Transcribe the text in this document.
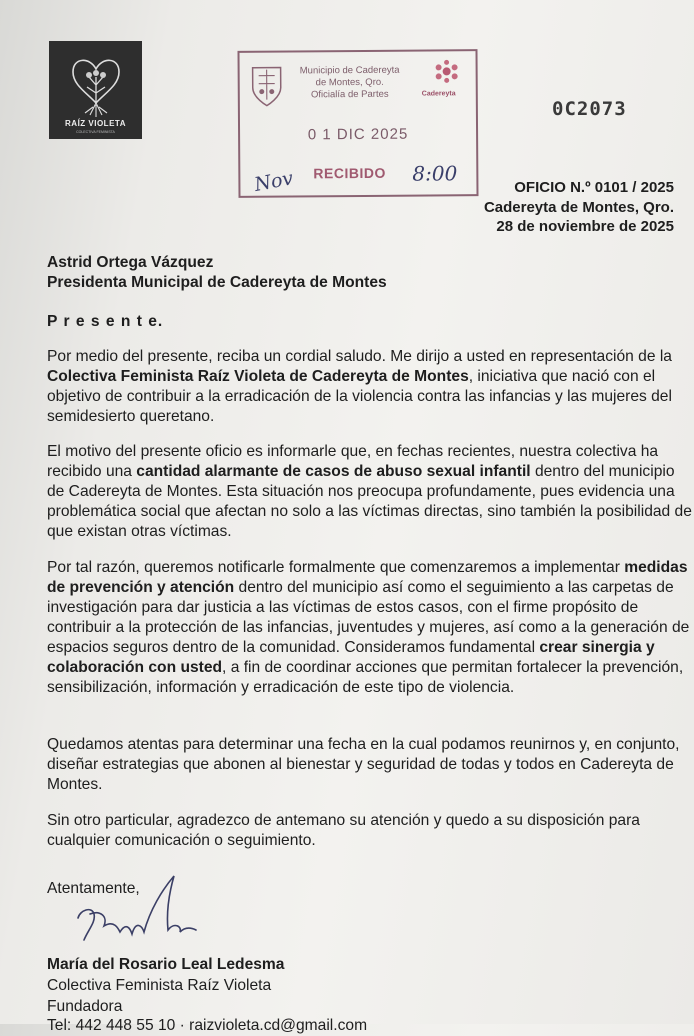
RAÍZ VIOLETA
COLECTIVA FEMINISTA
Municipio de Cadereyta
de Montes, Qro.
Oficialía de Partes	Cadereyta
0 1 DIC 2025
RECIBIDO
Nov	8:00
0C2073
OFICIO N.º 0101 / 2025
Cadereyta de Montes, Qro.
28 de noviembre de 2025
Astrid Ortega Vázquez
Presidenta Municipal de Cadereyta de Montes
P r e s e n t e.
Por medio del presente, reciba un cordial saludo. Me dirijo a usted en representación de la Colectiva Feminista Raíz Violeta de Cadereyta de Montes, iniciativa que nació con el objetivo de contribuir a la erradicación de la violencia contra las infancias y las mujeres del semidesierto queretano.
El motivo del presente oficio es informarle que, en fechas recientes, nuestra colectiva ha recibido una cantidad alarmante de casos de abuso sexual infantil dentro del municipio de Cadereyta de Montes. Esta situación nos preocupa profundamente, pues evidencia una problemática social que afectan no solo a las víctimas directas, sino también la posibilidad de que existan otras víctimas.
Por tal razón, queremos notificarle formalmente que comenzaremos a implementar medidas de prevención y atención dentro del municipio así como el seguimiento a las carpetas de investigación para dar justicia a las víctimas de estos casos, con el firme propósito de contribuir a la protección de las infancias, juventudes y mujeres, así como a la generación de espacios seguros dentro de la comunidad. Consideramos fundamental crear sinergia y colaboración con usted, a fin de coordinar acciones que permitan fortalecer la prevención, sensibilización, información y erradicación de este tipo de violencia.
Quedamos atentas para determinar una fecha en la cual podamos reunirnos y, en conjunto, diseñar estrategias que abonen al bienestar y seguridad de todas y todos en Cadereyta de Montes.
Sin otro particular, agradezco de antemano su atención y quedo a su disposición para cualquier comunicación o seguimiento.
Atentamente,
María del Rosario Leal Ledesma
Colectiva Feminista Raíz Violeta
Fundadora
Tel: 442 448 55 10 · raizvioleta.cd@gmail.com
